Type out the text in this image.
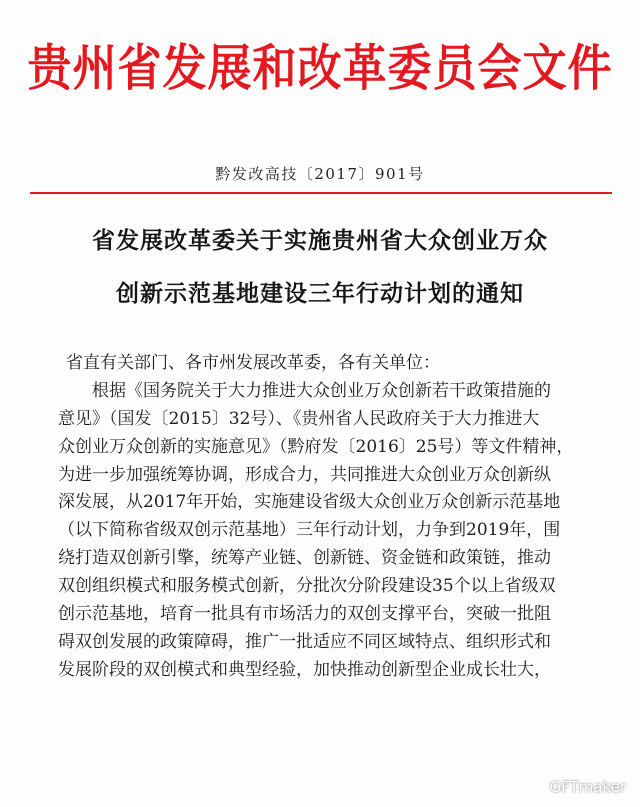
贵州省发展和改革委员会文件
黔发改高技〔2017〕901号
省发展改革委关于实施贵州省大众创业万众
创新示范基地建设三年行动计划的通知
省直有关部门、各市州发展改革委，各有关单位：
根据《国务院关于大力推进大众创业万众创新若干政策措施的
意见》（国发〔2015〕32号）、《贵州省人民政府关于大力推进大
众创业万众创新的实施意见》（黔府发〔2016〕25号）等文件精神，
为进一步加强统筹协调，形成合力，共同推进大众创业万众创新纵
深发展，从2017年开始，实施建设省级大众创业万众创新示范基地
（以下简称省级双创示范基地）三年行动计划，力争到2019年，围
绕打造双创新引擎，统筹产业链、创新链、资金链和政策链，推动
双创组织模式和服务模式创新，分批次分阶段建设35个以上省级双
创示范基地，培育一批具有市场活力的双创支撑平台，突破一批阻
碍双创发展的政策障碍，推广一批适应不同区域特点、组织形式和
发展阶段的双创模式和典型经验，加快推动创新型企业成长壮大，
GFTmaker
